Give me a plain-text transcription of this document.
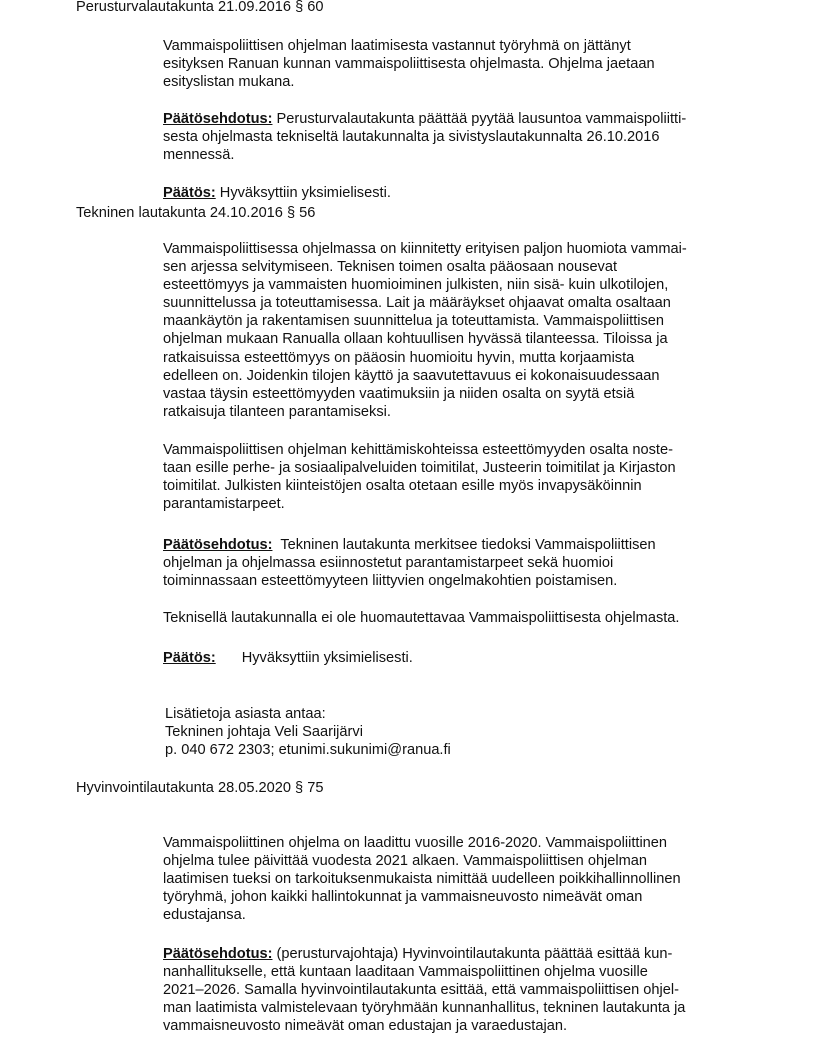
Perusturvalautakunta 21.09.2016 § 60
Vammaispoliittisen ohjelman laatimisesta vastannut työryhmä on jättänyt
esityksen Ranuan kunnan vammaispoliittisesta ohjelmasta. Ohjelma jaetaan
esityslistan mukana.
Päätösehdotus: Perusturvalautakunta päättää pyytää lausuntoa vammaispoliitti-
sesta ohjelmasta tekniseltä lautakunnalta ja sivistyslautakunnalta 26.10.2016
mennessä.
Päätös: Hyväksyttiin yksimielisesti.
Tekninen lautakunta 24.10.2016 § 56
Vammaispoliittisessa ohjelmassa on kiinnitetty erityisen paljon huomiota vammai-
sen arjessa selvitymiseen. Teknisen toimen osalta pääosaan nousevat
esteettömyys ja vammaisten huomioiminen julkisten, niin sisä- kuin ulkotilojen,
suunnittelussa ja toteuttamisessa. Lait ja määräykset ohjaavat omalta osaltaan
maankäytön ja rakentamisen suunnittelua ja toteuttamista. Vammaispoliittisen
ohjelman mukaan Ranualla ollaan kohtuullisen hyvässä tilanteessa. Tiloissa ja
ratkaisuissa esteettömyys on pääosin huomioitu hyvin, mutta korjaamista
edelleen on. Joidenkin tilojen käyttö ja saavutettavuus ei kokonaisuudessaan
vastaa täysin esteettömyyden vaatimuksiin ja niiden osalta on syytä etsiä
ratkaisuja tilanteen parantamiseksi.
Vammaispoliittisen ohjelman kehittämiskohteissa esteettömyyden osalta noste-
taan esille perhe- ja sosiaalipalveluiden toimitilat, Justeerin toimitilat ja Kirjaston
toimitilat. Julkisten kiinteistöjen osalta otetaan esille myös invapysäköinnin
parantamistarpeet.
Päätösehdotus:  Tekninen lautakunta merkitsee tiedoksi Vammaispoliittisen
ohjelman ja ohjelmassa esiinnostetut parantamistarpeet sekä huomioi
toiminnassaan esteettömyyteen liittyvien ongelmakohtien poistamisen.
Teknisellä lautakunnalla ei ole huomautettavaa Vammaispoliittisesta ohjelmasta.
Päätös: Hyväksyttiin yksimielisesti.
Lisätietoja asiasta antaa:
Tekninen johtaja Veli Saarijärvi
p. 040 672 2303; etunimi.sukunimi@ranua.fi
Hyvinvointilautakunta 28.05.2020 § 75
Vammaispoliittinen ohjelma on laadittu vuosille 2016-2020. Vammaispoliittinen
ohjelma tulee päivittää vuodesta 2021 alkaen. Vammaispoliittisen ohjelman
laatimisen tueksi on tarkoituksenmukaista nimittää uudelleen poikkihallinnollinen
työryhmä, johon kaikki hallintokunnat ja vammaisneuvosto nimeävät oman
edustajansa.
Päätösehdotus: (perusturvajohtaja) Hyvinvointilautakunta päättää esittää kun-
nanhallitukselle, että kuntaan laaditaan Vammaispoliittinen ohjelma vuosille
2021–2026. Samalla hyvinvointilautakunta esittää, että vammaispoliittisen ohjel-
man laatimista valmistelevaan työryhmään kunnanhallitus, tekninen lautakunta ja
vammaisneuvosto nimeävät oman edustajan ja varaedustajan.
